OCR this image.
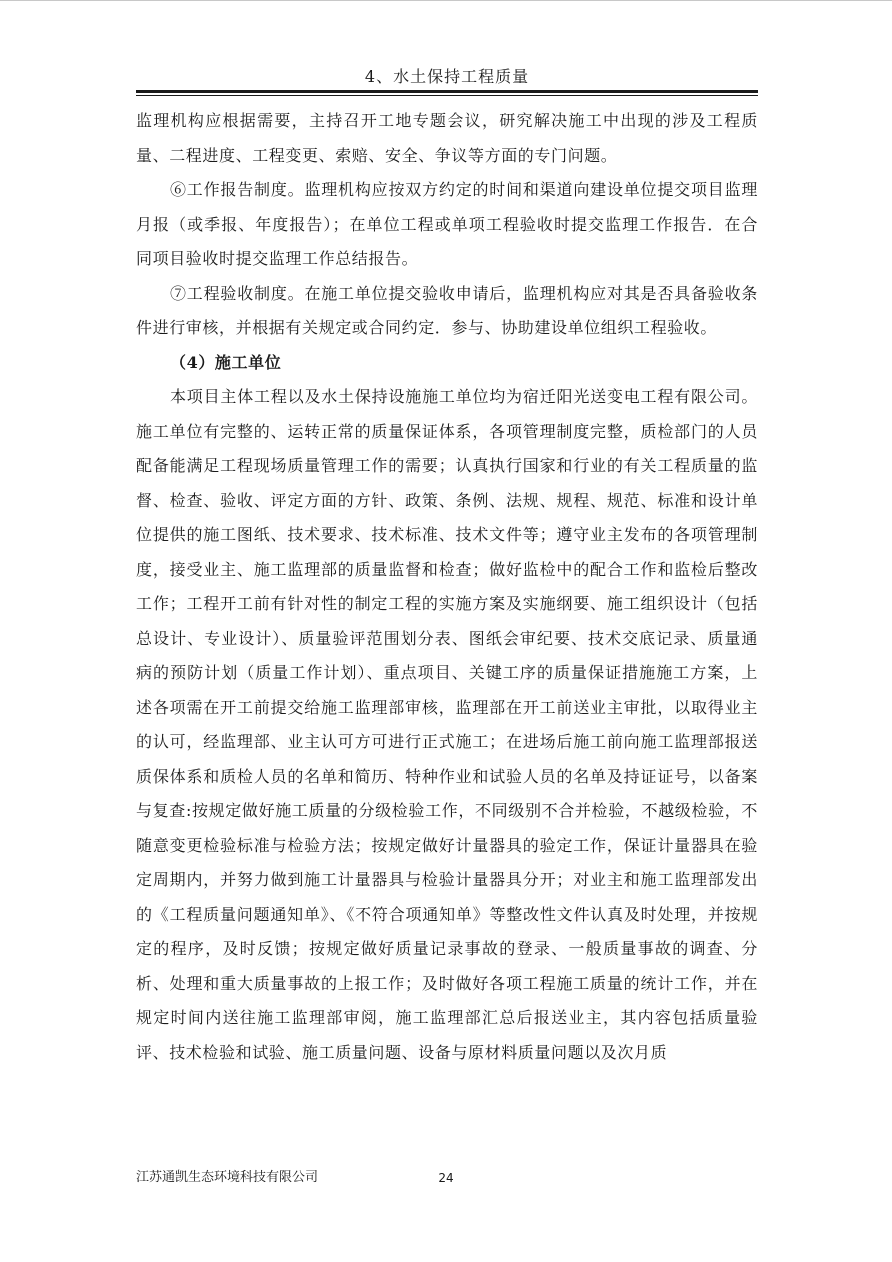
4、水土保持工程质量

监理机构应根据需要，主持召开工地专题会议，研究解决施工中出现的涉及工程质量、二程进度、工程变更、索赔、安全、争议等方面的专门问题。

⑥工作报告制度。监理机构应按双方约定的时间和渠道向建设单位提交项目监理月报（或季报、年度报告）；在单位工程或单项工程验收时提交监理工作报告．在合同项目验收时提交监理工作总结报告。

⑦工程验收制度。在施工单位提交验收申请后，监理机构应对其是否具备验收条件进行审核，并根据有关规定或合同约定．参与、协助建设单位组织工程验收。

（4）施工单位

本项目主体工程以及水土保持设施施工单位均为宿迁阳光送变电工程有限公司。施工单位有完整的、运转正常的质量保证体系，各项管理制度完整，质检部门的人员配备能满足工程现场质量管理工作的需要；认真执行国家和行业的有关工程质量的监督、检查、验收、评定方面的方针、政策、条例、法规、规程、规范、标准和设计单位提供的施工图纸、技术要求、技术标准、技术文件等；遵守业主发布的各项管理制度，接受业主、施工监理部的质量监督和检查；做好监检中的配合工作和监检后整改工作；工程开工前有针对性的制定工程的实施方案及实施纲要、施工组织设计（包括总设计、专业设计）、质量验评范围划分表、图纸会审纪要、技术交底记录、质量通病的预防计划（质量工作计划）、重点项目、关键工序的质量保证措施施工方案，上述各项需在开工前提交给施工监理部审核，监理部在开工前送业主审批，以取得业主的认可，经监理部、业主认可方可进行正式施工；在进场后施工前向施工监理部报送质保体系和质检人员的名单和简历、特种作业和试验人员的名单及持证证号，以备案与复查:按规定做好施工质量的分级检验工作，不同级别不合并检验，不越级检验，不随意变更检验标准与检验方法；按规定做好计量器具的验定工作，保证计量器具在验定周期内，并努力做到施工计量器具与检验计量器具分开；对业主和施工监理部发出的《工程质量问题通知单》、《不符合项通知单》等整改性文件认真及时处理，并按规定的程序，及时反馈；按规定做好质量记录事故的登录、一般质量事故的调查、分析、处理和重大质量事故的上报工作；及时做好各项工程施工质量的统计工作，并在规定时间内送往施工监理部审阅，施工监理部汇总后报送业主，其内容包括质量验评、技术检验和试验、施工质量问题、设备与原材料质量问题以及次月质

江苏通凯生态环境科技有限公司	24
